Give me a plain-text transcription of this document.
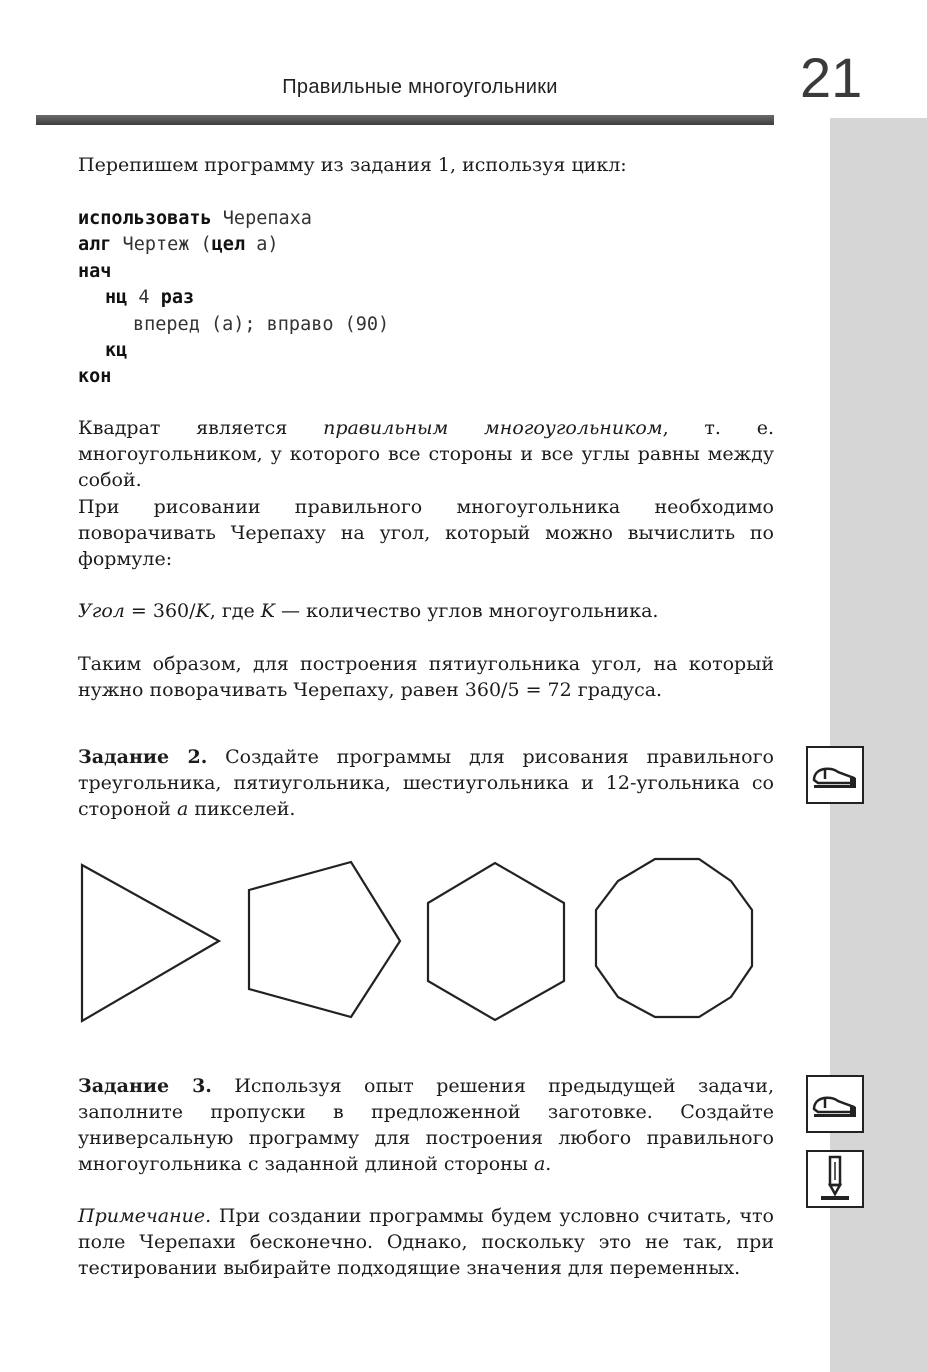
Правильные многоугольники	21

Перепишем программу из задания 1, используя цикл:

использовать Черепаха
алг Чертеж (цел а)
нач
нц 4 раз
вперед (а); вправо (90)
кц
кон

Квадрат является правильным многоугольником, т. е. многоугольником, у которого все стороны и все углы равны между собой.

При рисовании правильного многоугольника необходимо поворачивать Черепаху на угол, который можно вычислить по формуле:

Угол = 360/K, где K — количество углов многоугольника.

Таким образом, для построения пятиугольника угол, на который нужно поворачивать Черепаху, равен 360/5 = 72 градуса.

Задание 2. Создайте программы для рисования правильного треугольника, пятиугольника, шестиугольника и 12-угольника со стороной a пикселей.

Задание 3. Используя опыт решения предыдущей задачи, заполните пропуски в предложенной заготовке. Создайте универсальную программу для построения любого правильного многоугольника с заданной длиной стороны a.

Примечание. При создании программы будем условно считать, что поле Черепахи бесконечно. Однако, поскольку это не так, при тестировании выбирайте подходящие значения для переменных.
